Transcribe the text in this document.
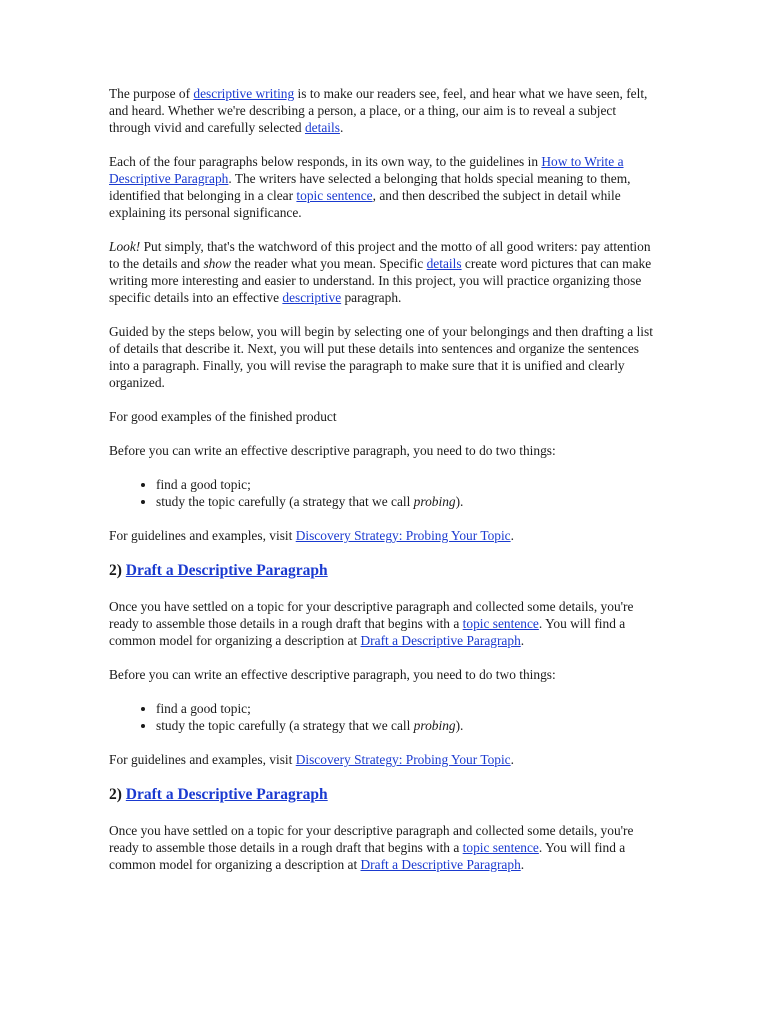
The purpose of descriptive writing is to make our readers see, feel, and hear what we have seen, felt, and heard. Whether we're describing a person, a place, or a thing, our aim is to reveal a subject through vivid and carefully selected details.

Each of the four paragraphs below responds, in its own way, to the guidelines in How to Write a Descriptive Paragraph. The writers have selected a belonging that holds special meaning to them, identified that belonging in a clear topic sentence, and then described the subject in detail while explaining its personal significance.

Look! Put simply, that's the watchword of this project and the motto of all good writers: pay attention to the details and show the reader what you mean. Specific details create word pictures that can make writing more interesting and easier to understand. In this project, you will practice organizing those specific details into an effective descriptive paragraph.

Guided by the steps below, you will begin by selecting one of your belongings and then drafting a list of details that describe it. Next, you will put these details into sentences and organize the sentences into a paragraph. Finally, you will revise the paragraph to make sure that it is unified and clearly organized.

For good examples of the finished product

Before you can write an effective descriptive paragraph, you need to do two things:

• find a good topic;
• study the topic carefully (a strategy that we call probing).

For guidelines and examples, visit Discovery Strategy: Probing Your Topic.

2) Draft a Descriptive Paragraph

Once you have settled on a topic for your descriptive paragraph and collected some details, you're ready to assemble those details in a rough draft that begins with a topic sentence. You will find a common model for organizing a description at Draft a Descriptive Paragraph.

Before you can write an effective descriptive paragraph, you need to do two things:

• find a good topic;
• study the topic carefully (a strategy that we call probing).

For guidelines and examples, visit Discovery Strategy: Probing Your Topic.

2) Draft a Descriptive Paragraph

Once you have settled on a topic for your descriptive paragraph and collected some details, you're ready to assemble those details in a rough draft that begins with a topic sentence. You will find a common model for organizing a description at Draft a Descriptive Paragraph.
